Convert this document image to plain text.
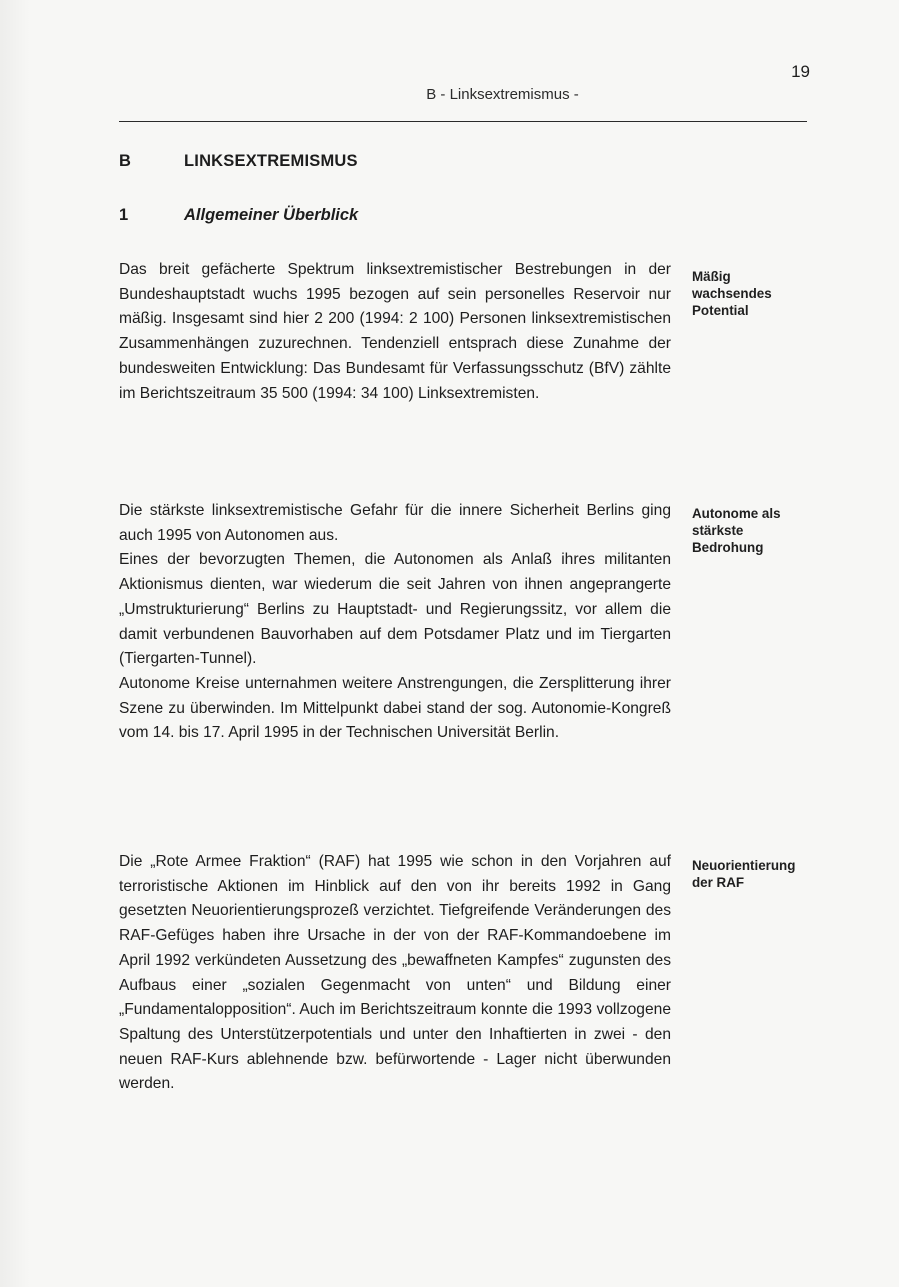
19
B - Linksextremismus -
B	LINKSEXTREMISMUS
1	Allgemeiner Überblick

Das breit gefächerte Spektrum linksextremistischer Bestrebungen in der Bundeshauptstadt wuchs 1995 bezogen auf sein personelles Reservoir nur mäßig. Insgesamt sind hier 2 200 (1994: 2 100) Personen linksextremistischen Zusammenhängen zuzurechnen. Tendenziell entsprach diese Zunahme der bundesweiten Entwicklung: Das Bundesamt für Verfassungsschutz (BfV) zählte im Berichtszeitraum 35 500 (1994: 34 100) Linksextremisten.

Die stärkste linksextremistische Gefahr für die innere Sicherheit Berlins ging auch 1995 von Autonomen aus.

Eines der bevorzugten Themen, die Autonomen als Anlaß ihres militanten Aktionismus dienten, war wiederum die seit Jahren von ihnen angeprangerte „Umstrukturierung“ Berlins zu Hauptstadt- und Regierungssitz, vor allem die damit verbundenen Bauvorhaben auf dem Potsdamer Platz und im Tiergarten (Tiergarten-Tunnel).

Autonome Kreise unternahmen weitere Anstrengungen, die Zersplitterung ihrer Szene zu überwinden. Im Mittelpunkt dabei stand der sog. Autonomie-Kongreß vom 14. bis 17. April 1995 in der Technischen Universität Berlin.

Die „Rote Armee Fraktion“ (RAF) hat 1995 wie schon in den Vorjahren auf terroristische Aktionen im Hinblick auf den von ihr bereits 1992 in Gang gesetzten Neuorientierungsprozeß verzichtet. Tiefgreifende Veränderungen des RAF-Gefüges haben ihre Ursache in der von der RAF-Kommandoebene im April 1992 verkündeten Aussetzung des „bewaffneten Kampfes“ zugunsten des Aufbaus einer „sozialen Gegenmacht von unten“ und Bildung einer „Fundamentalopposition“. Auch im Berichtszeitraum konnte die 1993 vollzogene Spaltung des Unterstützerpotentials und unter den Inhaftierten in zwei - den neuen RAF-Kurs ablehnende bzw. befürwortende - Lager nicht überwunden werden.

Mäßig wachsendes Potential
Autonome als stärkste Bedrohung
Neuorientierung der RAF
